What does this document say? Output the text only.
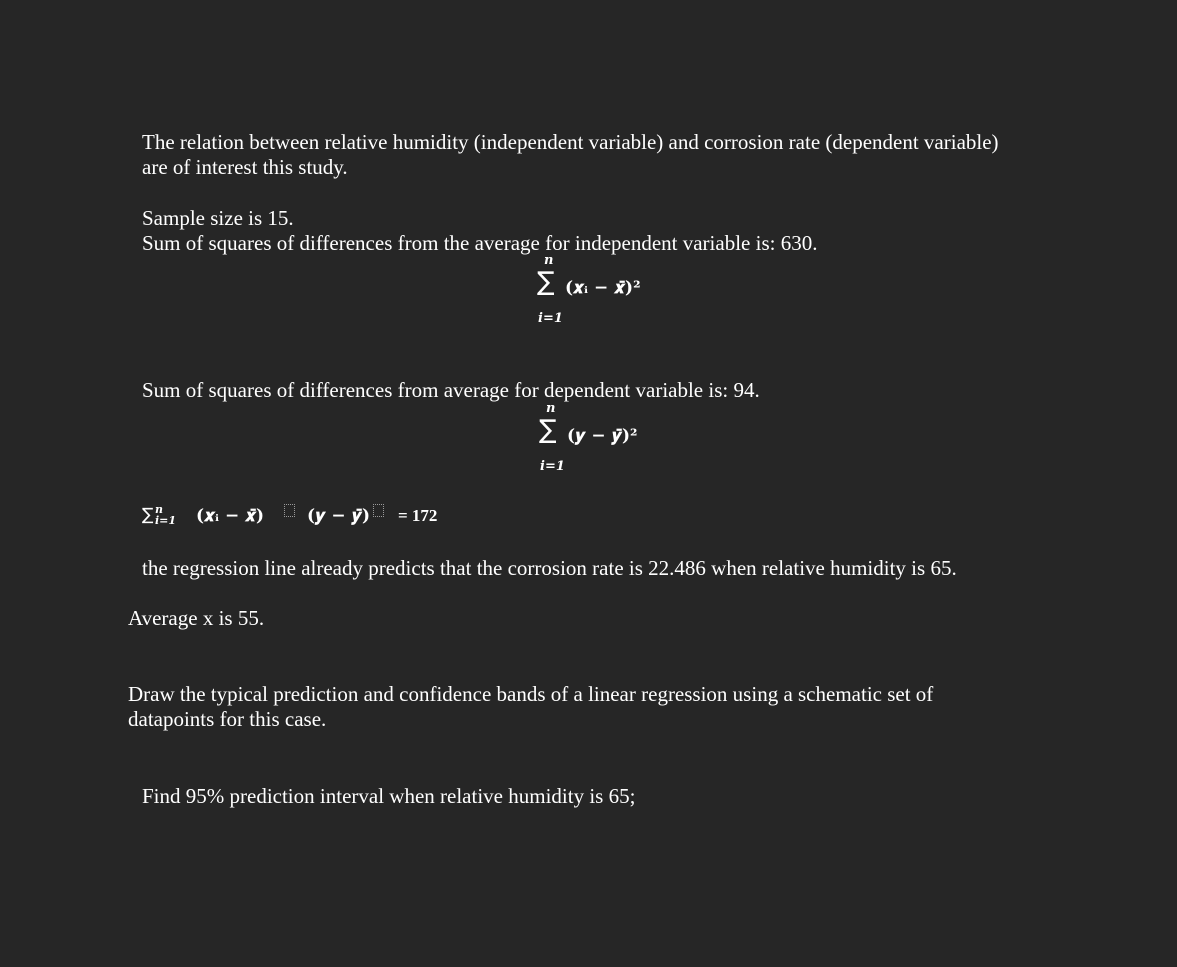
The relation between relative humidity (independent variable) and corrosion rate (dependent variable)
are of interest this study.
Sample size is 15.
Sum of squares of differences from the average for independent variable is: 630.
n
∑
i=1
(𝒙ᵢ − 𝒙̄)²
Sum of squares of differences from average for dependent variable is: 94.
n
∑
i=1
(𝒚 − 𝒚̄)²
∑ n
i=1 (𝒙ᵢ − 𝒙̄)	(𝒚 − 𝒚̄) = 172
the regression line already predicts that the corrosion rate is 22.486 when relative humidity is 65.
Average x is 55.
Draw the typical prediction and confidence bands of a linear regression using a schematic set of
datapoints for this case.
Find 95% prediction interval when relative humidity is 65;
